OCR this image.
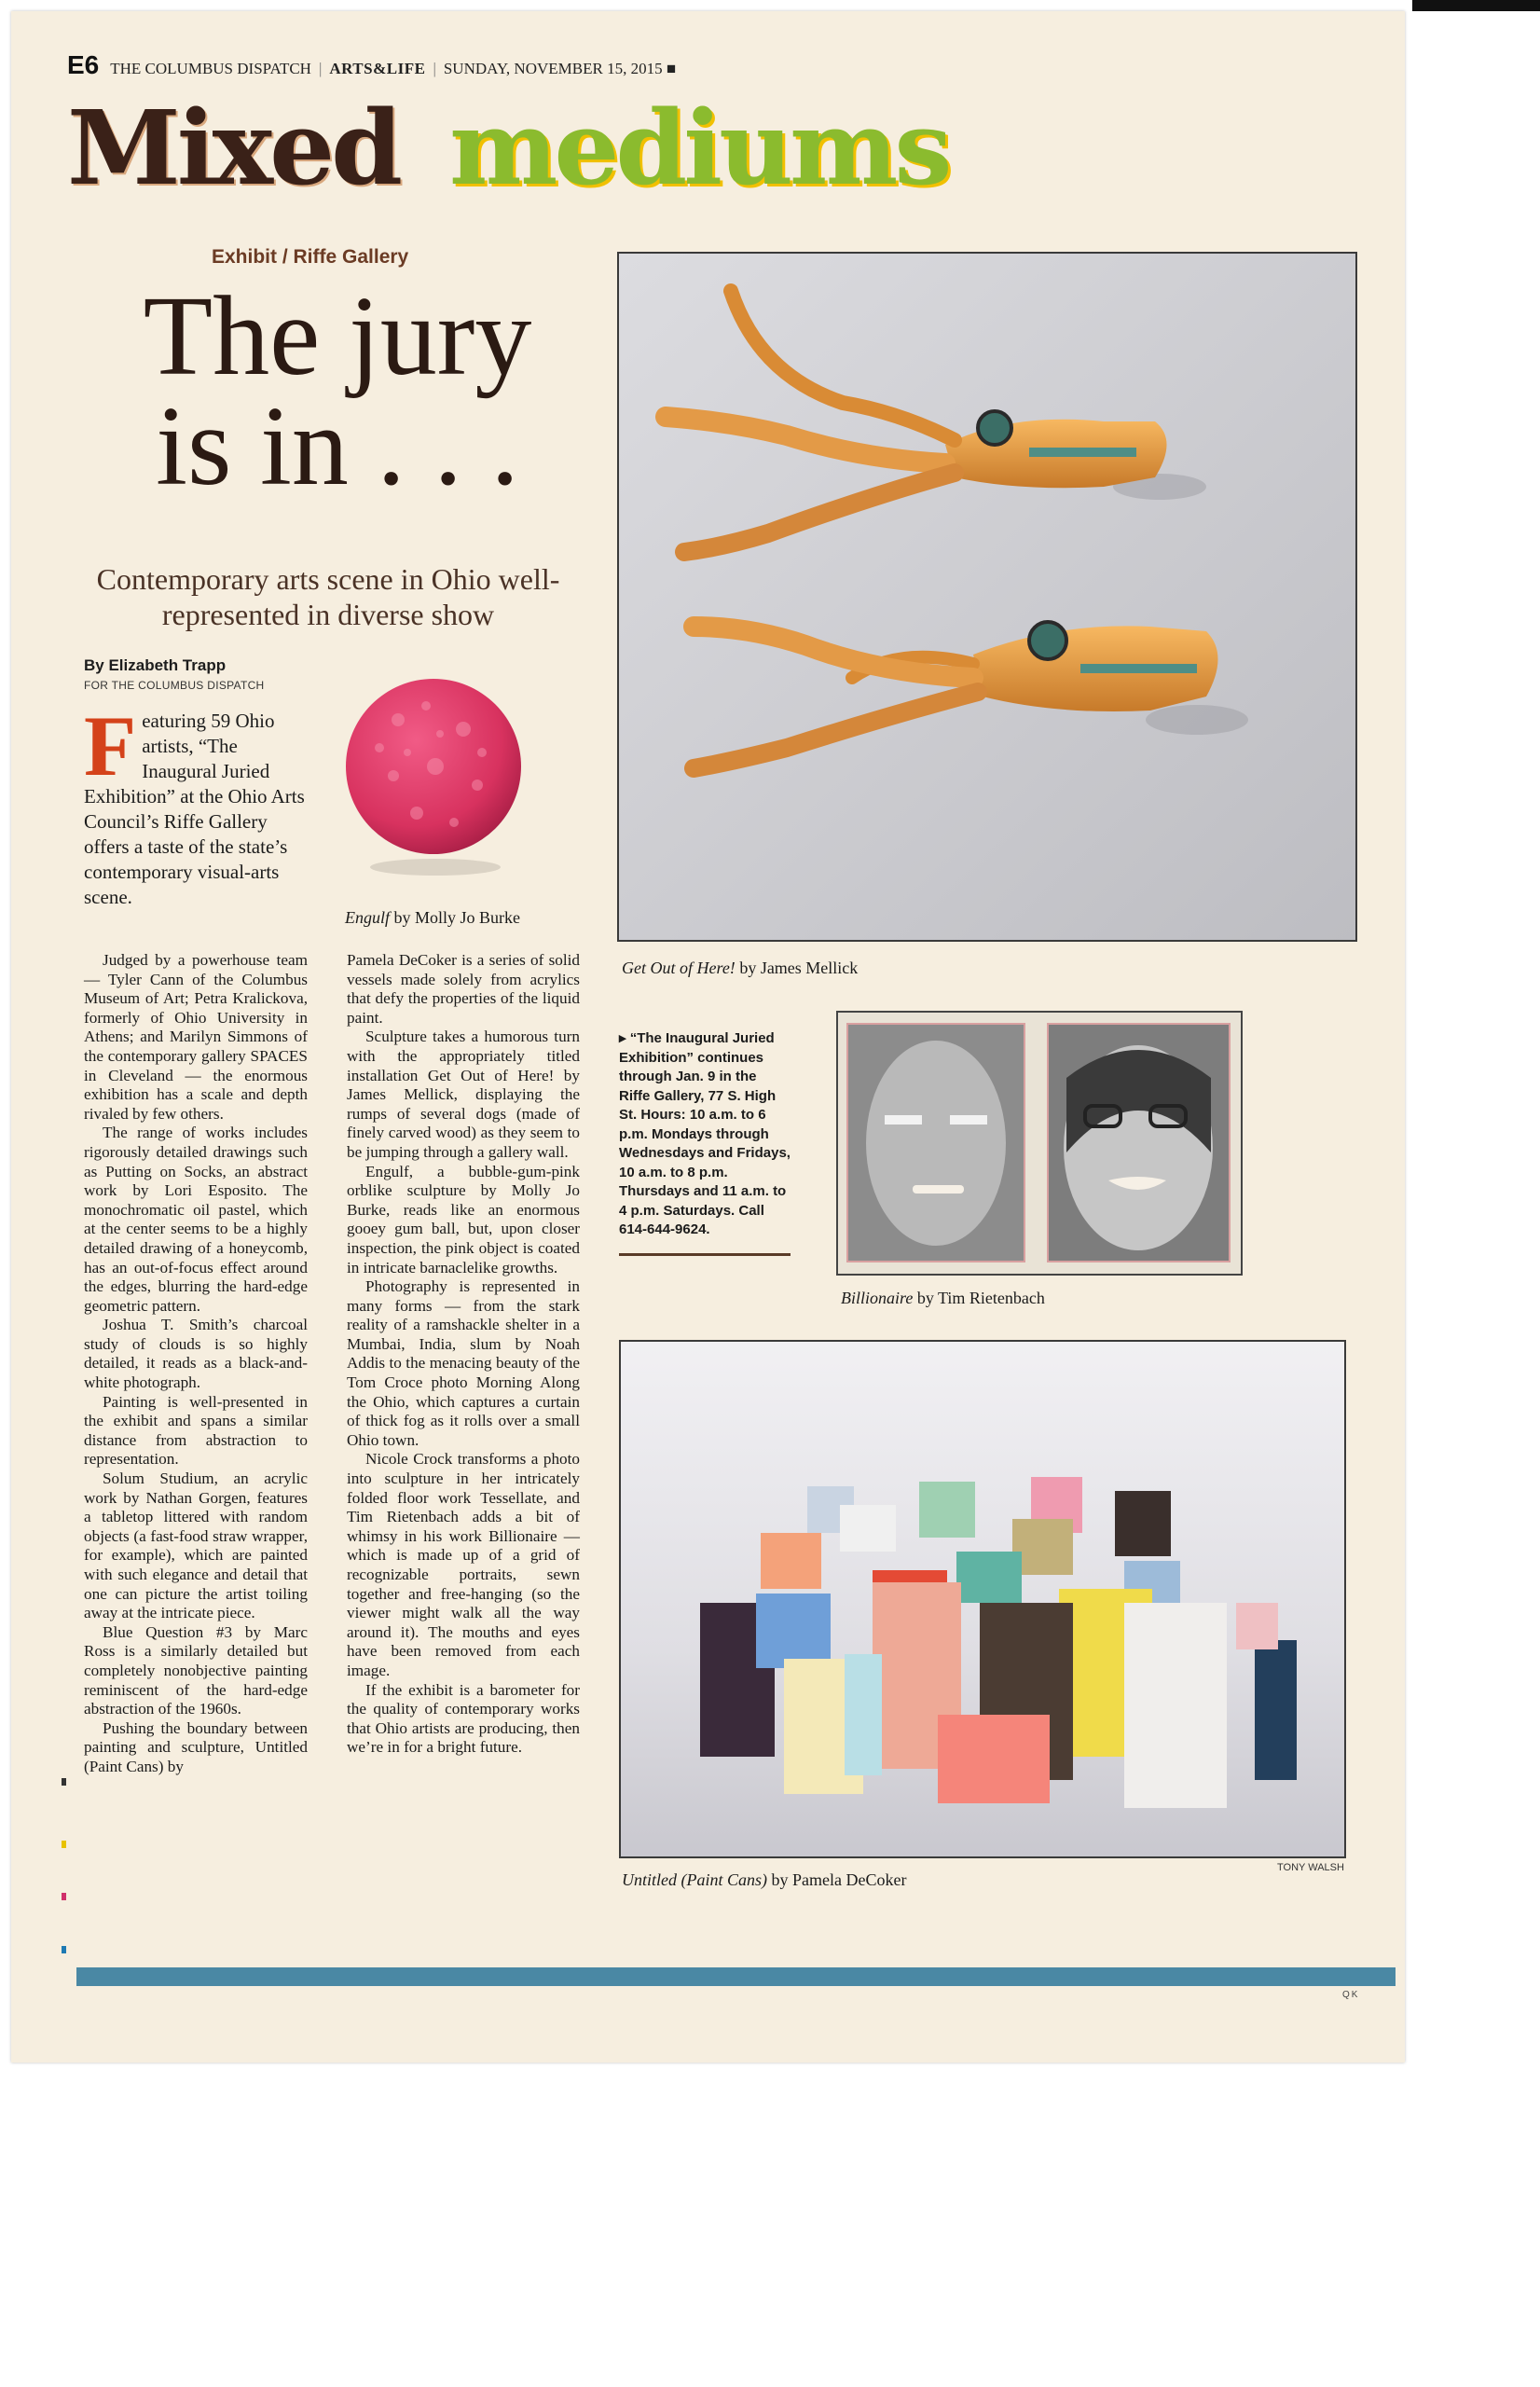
E6 THE COLUMBUS DISPATCH | ARTS&LIFE | SUNDAY, NOVEMBER 15, 2015 ■
Mixed mediums
Exhibit / Riffe Gallery
The jury
is in . . .
Contemporary arts scene in Ohio well-represented in diverse show
By Elizabeth Trapp
FOR THE COLUMBUS DISPATCH
Featuring 59 Ohio artists, “The Inaugural Juried Exhibition” at the Ohio Arts Council’s Riffe Gallery offers a taste of the state’s contemporary visual-arts scene.
Engulf by Molly Jo Burke

Judged by a powerhouse team — Tyler Cann of the Columbus Museum of Art; Petra Kralickova, formerly of Ohio University in Athens; and Marilyn Simmons of the contemporary gallery SPACES in Cleveland — the enormous exhibition has a scale and depth rivaled by few others.

The range of works includes rigorously detailed drawings such as Putting on Socks, an abstract work by Lori Esposito. The monochromatic oil pastel, which at the center seems to be a highly detailed drawing of a honeycomb, has an out-of-focus effect around the edges, blurring the hard-edge geometric pattern.

Joshua T. Smith’s charcoal study of clouds is so highly detailed, it reads as a black-and-white photograph.

Painting is well-presented in the exhibit and spans a similar distance from abstraction to representation.

Solum Studium, an acrylic work by Nathan Gorgen, features a tabletop littered with random objects (a fast-food straw wrapper, for example), which are painted with such elegance and detail that one can picture the artist toiling away at the intricate piece.

Blue Question #3 by Marc Ross is a similarly detailed but completely nonobjective painting reminiscent of the hard-edge abstraction of the 1960s.

Pushing the boundary between painting and sculpture, Untitled (Paint Cans) by

Pamela DeCoker is a series of solid vessels made solely from acrylics that defy the properties of the liquid paint.

Sculpture takes a humorous turn with the appropriately titled installation Get Out of Here! by James Mellick, displaying the rumps of several dogs (made of finely carved wood) as they seem to be jumping through a gallery wall.

Engulf, a bubble-gum-pink orblike sculpture by Molly Jo Burke, reads like an enormous gooey gum ball, but, upon closer inspection, the pink object is coated in intricate barnaclelike growths.

Photography is represented in many forms — from the stark reality of a ramshackle shelter in a Mumbai, India, slum by Noah Addis to the menacing beauty of the Tom Croce photo Morning Along the Ohio, which captures a curtain of thick fog as it rolls over a small Ohio town.

Nicole Crock transforms a photo into sculpture in her intricately folded floor work Tessellate, and Tim Rietenbach adds a bit of whimsy in his work Billionaire — which is made up of a grid of recognizable portraits, sewn together and free-hanging (so the viewer might walk all the way around it). The mouths and eyes have been removed from each image.

If the exhibit is a barometer for the quality of contemporary works that Ohio artists are producing, then we’re in for a bright future.

Get Out of Here! by James Mellick
▸ “The Inaugural Juried Exhibition” continues through Jan. 9 in the Riffe Gallery, 77 S. High St. Hours: 10 a.m. to 6 p.m. Mondays through Wednesdays and Fridays, 10 a.m. to 8 p.m. Thursdays and 11 a.m. to 4 p.m. Saturdays. Call 614-644-9624.
Billionaire by Tim Rietenbach
Untitled (Paint Cans) by Pamela DeCoker
TONY WALSH
Q K
